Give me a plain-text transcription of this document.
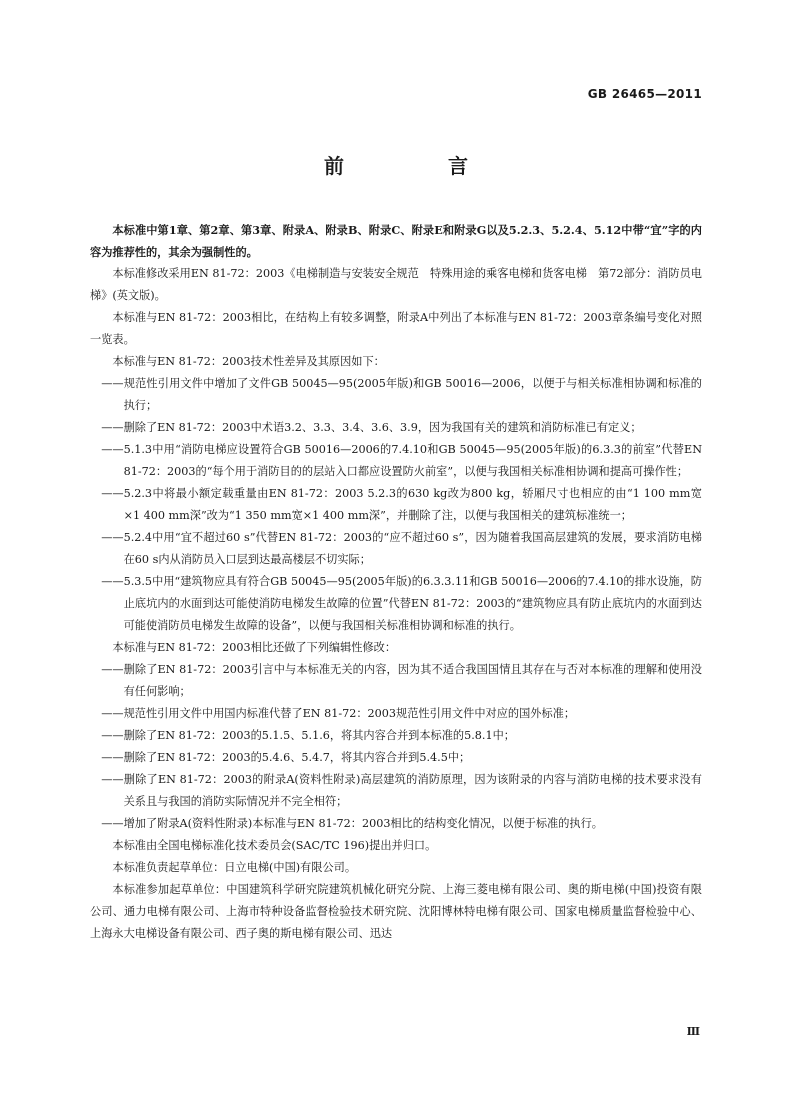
GB 26465—2011
前　言

本标准中第1章、第2章、第3章、附录A、附录B、附录C、附录E和附录G以及5.2.3、5.2.4、5.12中带“宜”字的内容为推荐性的，其余为强制性的。

本标准修改采用EN 81-72：2003《电梯制造与安装安全规范　特殊用途的乘客电梯和货客电梯　第72部分：消防员电梯》(英文版)。

本标准与EN 81-72：2003相比，在结构上有较多调整，附录A中列出了本标准与EN 81-72：2003章条编号变化对照一览表。

本标准与EN 81-72：2003技术性差异及其原因如下：

——规范性引用文件中增加了文件GB 50045—95(2005年版)和GB 50016—2006，以便于与相关标准相协调和标准的执行；

——删除了EN 81-72：2003中术语3.2、3.3、3.4、3.6、3.9，因为我国有关的建筑和消防标准已有定义；

——5.1.3中用“消防电梯应设置符合GB 50016—2006的7.4.10和GB 50045—95(2005年版)的6.3.3的前室”代替EN 81-72：2003的“每个用于消防目的的层站入口都应设置防火前室”，以便与我国相关标准相协调和提高可操作性；

——5.2.3中将最小额定载重量由EN 81-72：2003 5.2.3的630 kg改为800 kg，轿厢尺寸也相应的由“1 100 mm宽×1 400 mm深”改为“1 350 mm宽×1 400 mm深”，并删除了注，以便与我国相关的建筑标准统一；

——5.2.4中用“宜不超过60 s”代替EN 81-72：2003的“应不超过60 s”，因为随着我国高层建筑的发展，要求消防电梯在60 s内从消防员入口层到达最高楼层不切实际；

——5.3.5中用“建筑物应具有符合GB 50045—95(2005年版)的6.3.3.11和GB 50016—2006的7.4.10的排水设施，防止底坑内的水面到达可能使消防电梯发生故障的位置”代替EN 81-72：2003的“建筑物应具有防止底坑内的水面到达可能使消防员电梯发生故障的设备”，以便与我国相关标准相协调和标准的执行。

本标准与EN 81-72：2003相比还做了下列编辑性修改：

——删除了EN 81-72：2003引言中与本标准无关的内容，因为其不适合我国国情且其存在与否对本标准的理解和使用没有任何影响；

——规范性引用文件中用国内标准代替了EN 81-72：2003规范性引用文件中对应的国外标准；

——删除了EN 81-72：2003的5.1.5、5.1.6，将其内容合并到本标准的5.8.1中；

——删除了EN 81-72：2003的5.4.6、5.4.7，将其内容合并到5.4.5中；

——删除了EN 81-72：2003的附录A(资料性附录)高层建筑的消防原理，因为该附录的内容与消防电梯的技术要求没有关系且与我国的消防实际情况并不完全相符；

——增加了附录A(资料性附录)本标准与EN 81-72：2003相比的结构变化情况，以便于标准的执行。

本标准由全国电梯标准化技术委员会(SAC/TC 196)提出并归口。

本标准负责起草单位：日立电梯(中国)有限公司。

本标准参加起草单位：中国建筑科学研究院建筑机械化研究分院、上海三菱电梯有限公司、奥的斯电梯(中国)投资有限公司、通力电梯有限公司、上海市特种设备监督检验技术研究院、沈阳博林特电梯有限公司、国家电梯质量监督检验中心、上海永大电梯设备有限公司、西子奥的斯电梯有限公司、迅达

Ⅲ
